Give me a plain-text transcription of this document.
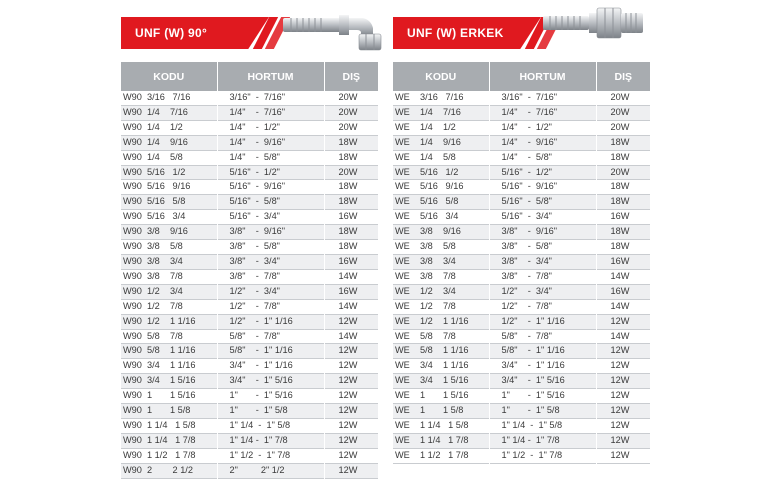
UNF (W) 90°
KODU	HORTUM	DIŞ
W90  3/16   7/16	3/16"  -  7/16"	20W
W90  1/4    7/16	1/4"    -  7/16"	20W
W90  1/4    1/2	1/4"    -  1/2"	20W
W90  1/4    9/16	1/4"    -  9/16"	18W
W90  1/4    5/8	1/4"    -  5/8"	18W
W90  5/16   1/2	5/16"  -  1/2"	20W
W90  5/16   9/16	5/16"  -  9/16"	18W
W90  5/16   5/8	5/16"  -  5/8"	18W
W90  5/16   3/4	5/16"  -  3/4"	16W
W90  3/8    9/16	3/8"    -  9/16"	18W
W90  3/8    5/8	3/8"    -  5/8"	18W
W90  3/8    3/4	3/8"    -  3/4"	16W
W90  3/8    7/8	3/8"    -  7/8"	14W
W90  1/2    3/4	1/2"    -  3/4"	16W
W90  1/2    7/8	1/2"    -  7/8"	14W
W90  1/2    1 1/16	1/2"    -  1" 1/16	12W
W90  5/8    7/8	5/8"    -  7/8"	14W
W90  5/8    1 1/16	5/8"    -  1" 1/16	12W
W90  3/4    1 1/16	3/4"    -  1" 1/16	12W
W90  3/4    1 5/16	3/4"    -  1" 5/16	12W
W90  1       1 5/16	1"       -  1" 5/16	12W
W90  1       1 5/8	1"       -  1" 5/8	12W
W90  1 1/4   1 5/8	1" 1/4  -  1" 5/8	12W
W90  1 1/4   1 7/8	1" 1/4 -  1" 7/8	12W
W90  1 1/2   1 7/8	1" 1/2  -  1" 7/8	12W
W90  2        2 1/2	2"         2" 1/2	12W
UNF (W) ERKEK
KODU	HORTUM	DIŞ
WE    3/16   7/16	3/16"  -  7/16"	20W
WE    1/4    7/16	1/4"    -  7/16"	20W
WE    1/4    1/2	1/4"    -  1/2"	20W
WE    1/4    9/16	1/4"    -  9/16"	18W
WE    1/4    5/8	1/4"    -  5/8"	18W
WE    5/16   1/2	5/16"  -  1/2"	20W
WE    5/16   9/16	5/16"  -  9/16"	18W
WE    5/16   5/8	5/16"  -  5/8"	18W
WE    5/16   3/4	5/16"  -  3/4"	16W
WE    3/8    9/16	3/8"    -  9/16"	18W
WE    3/8    5/8	3/8"    -  5/8"	18W
WE    3/8    3/4	3/8"    -  3/4"	16W
WE    3/8    7/8	3/8"    -  7/8"	14W
WE    1/2    3/4	1/2"    -  3/4"	16W
WE    1/2    7/8	1/2"    -  7/8"	14W
WE    1/2    1 1/16	1/2"    -  1" 1/16	12W
WE    5/8    7/8	5/8"    -  7/8"	14W
WE    5/8    1 1/16	5/8"    -  1" 1/16	12W
WE    3/4    1 1/16	3/4"    -  1" 1/16	12W
WE    3/4    1 5/16	3/4"    -  1" 5/16	12W
WE    1       1 5/16	1"       -  1" 5/16	12W
WE    1       1 5/8	1"       -  1" 5/8	12W
WE    1 1/4   1 5/8	1" 1/4  -  1" 5/8	12W
WE    1 1/4   1 7/8	1" 1/4 -  1" 7/8	12W
WE    1 1/2   1 7/8	1" 1/2  -  1" 7/8	12W
